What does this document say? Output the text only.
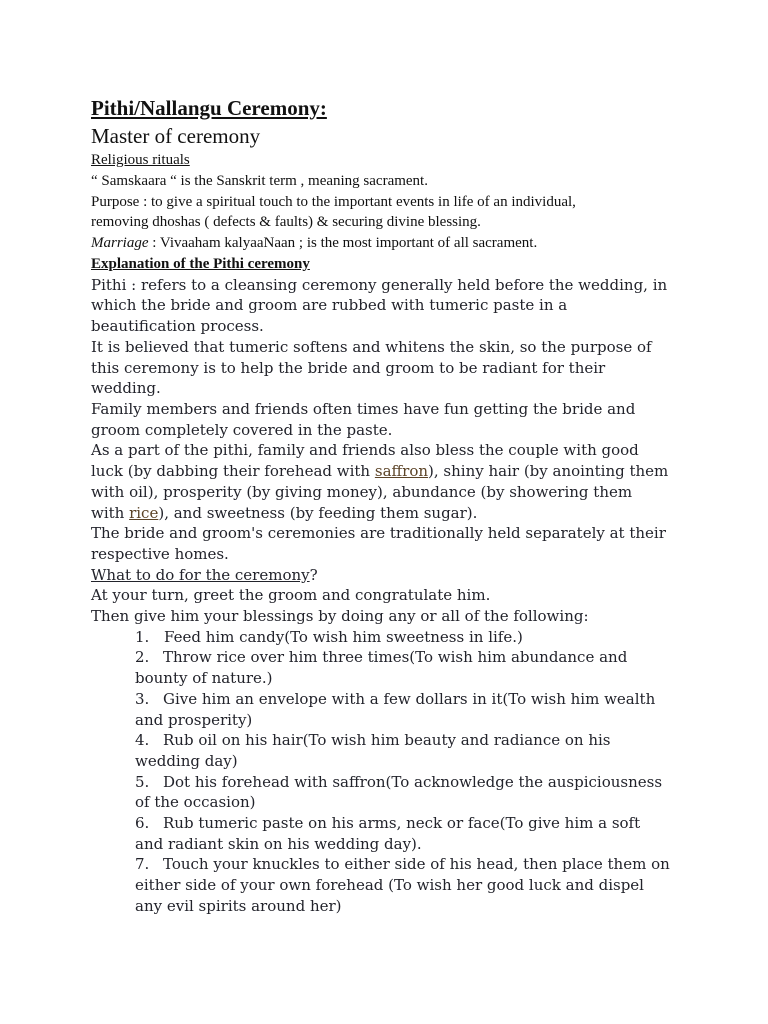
Pithi/Nallangu Ceremony:
Master of ceremony
Religious rituals
“ Samskaara “ is the Sanskrit term , meaning sacrament.
Purpose : to give a spiritual touch to the important events in life of an individual,
removing dhoshas ( defects & faults) & securing divine blessing.
Marriage : Vivaaham kalyaaNaan ; is the most important of all sacrament.
Explanation of the Pithi ceremony
Pithi : refers to a cleansing ceremony generally held before the wedding, in
which the bride and groom are rubbed with tumeric paste in a
beautification process.
It is believed that tumeric softens and whitens the skin, so the purpose of
this ceremony is to help the bride and groom to be radiant for their
wedding.
Family members and friends often times have fun getting the bride and
groom completely covered in the paste.
As a part of the pithi, family and friends also bless the couple with good
luck (by dabbing their forehead with saffron), shiny hair (by anointing them
with oil), prosperity (by giving money), abundance (by showering them
with rice), and sweetness (by feeding them sugar).
The bride and groom's ceremonies are traditionally held separately at their
respective homes.
What to do for the ceremony?
At your turn, greet the groom and congratulate him.
Then give him your blessings by doing any or all of the following:
1. Feed him candy(To wish him sweetness in life.)
2. Throw rice over him three times(To wish him abundance and
bounty of nature.)
3. Give him an envelope with a few dollars in it(To wish him wealth
and prosperity)
4. Rub oil on his hair(To wish him beauty and radiance on his
wedding day)
5. Dot his forehead with saffron(To acknowledge the auspiciousness
of the occasion)
6. Rub tumeric paste on his arms, neck or face(To give him a soft
and radiant skin on his wedding day).
7. Touch your knuckles to either side of his head, then place them on
either side of your own forehead (To wish her good luck and dispel
any evil spirits around her)
